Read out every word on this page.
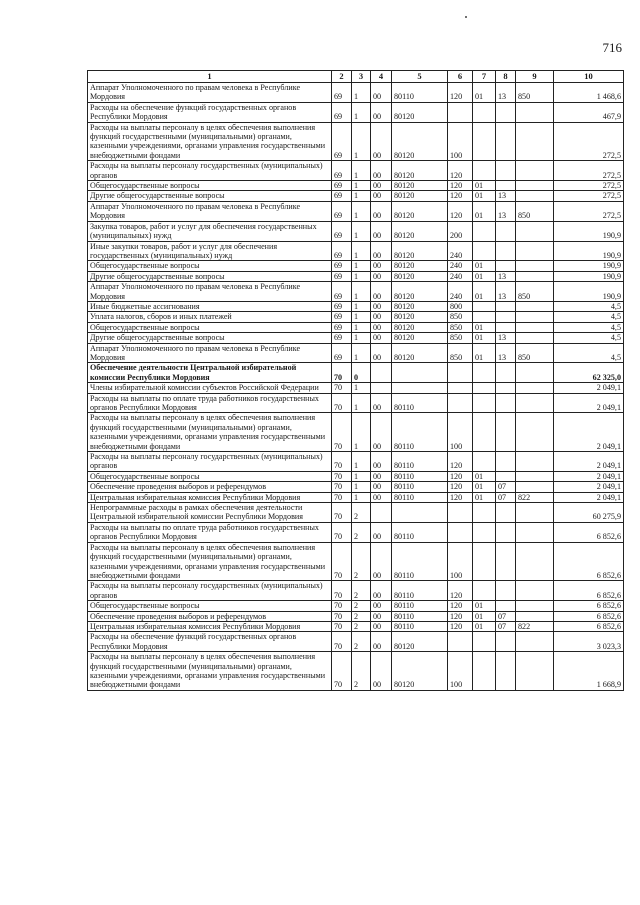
716
1	2	3	4	5	6	7	8	9	10
Аппарат Уполномоченного по правам человека в Республике Мордовия	69	1	00	80110	120	01	13	850	1 468,6
Расходы на обеспечение функций государственных органов Республики Мордовия	69	1	00	80120					467,9
Расходы на выплаты персоналу в целях обеспечения выполнения функций государственными (муниципальными) органами, казенными учреждениями, органами управления государственными внебюджетными фондами	69	1	00	80120	100				272,5
Расходы на выплаты персоналу государственных (муниципальных) органов	69	1	00	80120	120				272,5
Общегосударственные вопросы	69	1	00	80120	120	01			272,5
Другие общегосударственные вопросы	69	1	00	80120	120	01	13		272,5
Аппарат Уполномоченного по правам человека в Республике Мордовия	69	1	00	80120	120	01	13	850	272,5
Закупка товаров, работ и услуг для обеспечения государственных (муниципальных) нужд	69	1	00	80120	200				190,9
Иные закупки товаров, работ и услуг для обеспечения государственных (муниципальных) нужд	69	1	00	80120	240				190,9
Общегосударственные вопросы	69	1	00	80120	240	01			190,9
Другие общегосударственные вопросы	69	1	00	80120	240	01	13		190,9
Аппарат Уполномоченного по правам человека в Республике Мордовия	69	1	00	80120	240	01	13	850	190,9
Иные бюджетные ассигнования	69	1	00	80120	800				4,5
Уплата налогов, сборов и иных платежей	69	1	00	80120	850				4,5
Общегосударственные вопросы	69	1	00	80120	850	01			4,5
Другие общегосударственные вопросы	69	1	00	80120	850	01	13		4,5
Аппарат Уполномоченного по правам человека в Республике Мордовия	69	1	00	80120	850	01	13	850	4,5
Обеспечение деятельности Центральной избирательной комиссии Республики Мордовия	70	0							62 325,0
Члены избирательной комиссии субъектов Российской Федерации	70	1							2 049,1
Расходы на выплаты по оплате труда работников государственных органов Республики Мордовия	70	1	00	80110					2 049,1
Расходы на выплаты персоналу в целях обеспечения выполнения функций государственными (муниципальными) органами, казенными учреждениями, органами управления государственными внебюджетными фондами	70	1	00	80110	100				2 049,1
Расходы на выплаты персоналу государственных (муниципальных) органов	70	1	00	80110	120				2 049,1
Общегосударственные вопросы	70	1	00	80110	120	01			2 049,1
Обеспечение проведения выборов и референдумов	70	1	00	80110	120	01	07		2 049,1
Центральная избирательная комиссия Республики Мордовия	70	1	00	80110	120	01	07	822	2 049,1
Непрограммные расходы в рамках обеспечения деятельности Центральной избирательной комиссии Республики Мордовия	70	2							60 275,9
Расходы на выплаты по оплате труда работников государственных органов Республики Мордовия	70	2	00	80110					6 852,6
Расходы на выплаты персоналу в целях обеспечения выполнения функций государственными (муниципальными) органами, казенными учреждениями, органами управления государственными внебюджетными фондами	70	2	00	80110	100				6 852,6
Расходы на выплаты персоналу государственных (муниципальных) органов	70	2	00	80110	120				6 852,6
Общегосударственные вопросы	70	2	00	80110	120	01			6 852,6
Обеспечение проведения выборов и референдумов	70	2	00	80110	120	01	07		6 852,6
Центральная избирательная комиссия Республики Мордовия	70	2	00	80110	120	01	07	822	6 852,6
Расходы на обеспечение функций государственных органов Республики Мордовия	70	2	00	80120					3 023,3
Расходы на выплаты персоналу в целях обеспечения выполнения функций государственными (муниципальными) органами, казенными учреждениями, органами управления государственными внебюджетными фондами	70	2	00	80120	100				1 668,9
